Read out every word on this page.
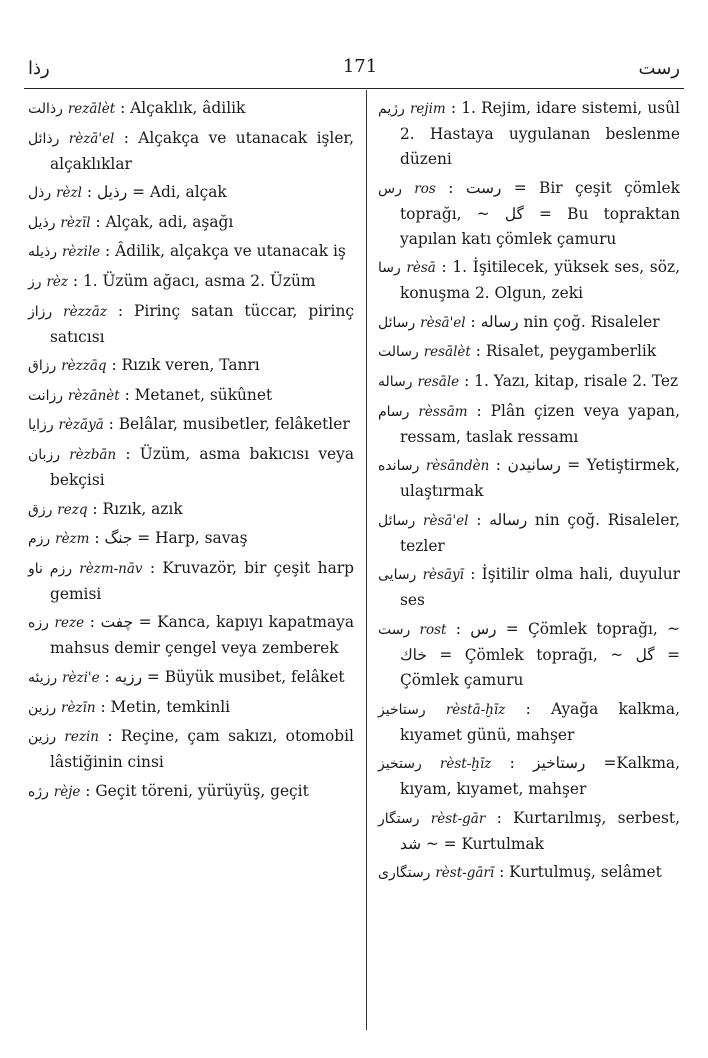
رذا	171	رست
رذالت rezālèt : Alçaklık, âdilik
رذائل rèzā'el : Alçakça ve utanacak işler, alçaklıklar
رذل rèzl : رذيل = Adi, alçak
رذيل rèzīl : Alçak, adi, aşağı
رذيله rèzile : Âdilik, alçakça ve utanacak iş
رز rèz : 1. Üzüm ağacı, asma 2. Üzüm
رزاز rèzzāz : Pirinç satan tüccar, pirinç satıcısı
رزاق rèzzāq : Rızık veren, Tanrı
رزانت rèzānèt : Metanet, sükûnet
رزايا rèzāyā : Belâlar, musibetler, felâketler
رزبان rèzbān : Üzüm, asma bakıcısı veya bekçisi
رزق rezq : Rızık, azık
رزم rèzm : جنگ = Harp, savaş
رزم ناو rèzm-nāv : Kruvazör, bir çeşit harp gemisi
رزه reze : چفت = Kanca, kapıyı kapatmaya mahsus demir çengel veya zemberek
رزيئه rèzi'e : رزيه = Büyük musibet, felâket
رزين rèzīn : Metin, temkinli
رزين rezin : Reçine, çam sakızı, otomobil lâstiğinin cinsi
رژه rèje : Geçit töreni, yürüyüş, geçit
رژيم rejim : 1. Rejim, idare sistemi, usûl 2. Hastaya uygulanan beslenme düzeni
رس ros : رست = Bir çeşit çömlek toprağı, ~ گل = Bu topraktan yapılan katı çömlek çamuru
رسا rèsā : 1. İşitilecek, yüksek ses, söz, konuşma 2. Olgun, zeki
رسائل rèsā'el : رساله nin çoğ. Risaleler
رسالت resālèt : Risalet, peygamberlik
رساله resāle : 1. Yazı, kitap, risale 2. Tez
رسام rèssām : Plân çizen veya yapan, ressam, taslak ressamı
رسانده rèsāndèn : رسانيدن = Yetiştirmek, ulaştırmak
رسائل rèsā'el : رساله nin çoğ. Risaleler, tezler
رسايى rèsāyī : İşitilir olma hali, duyulur ses
رست rost : رس = Çömlek toprağı, ~ خاك = Çömlek toprağı, ~ گل = Çömlek çamuru
رستاخيز rèstā-ḫīz : Ayağa kalkma, kıyamet günü, mahşer
رستخيز rèst-ḫīz : رستاخيز =Kalkma, kıyam, kıyamet, mahşer
رستگار rèst-gār : Kurtarılmış, serbest, شد ~ = Kurtulmak
رستگارى rèst-gārī : Kurtulmuş, selâmet
